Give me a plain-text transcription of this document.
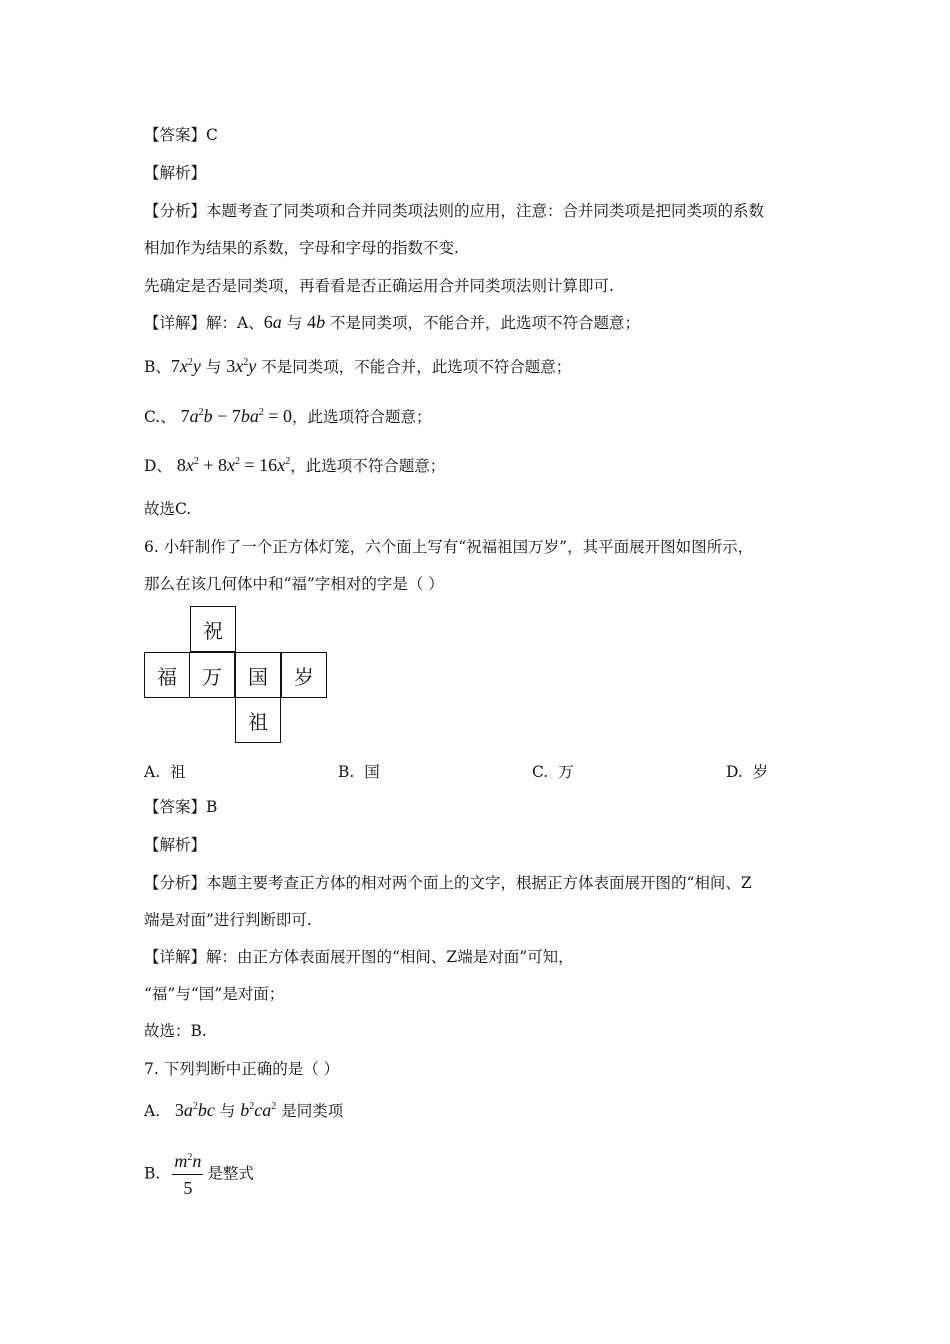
【答案】C
【解析】
【分析】本题考查了同类项和合并同类项法则的应用，注意：合并同类项是把同类项的系数
相加作为结果的系数，字母和字母的指数不变.
先确定是否是同类项，再看看是否正确运用合并同类项法则计算即可.
【详解】解：A、6a 与 4b 不是同类项，不能合并，此选项不符合题意；
B、$7x^2y$ 与 $3x^2y$ 不是同类项，不能合并，此选项不符合题意；
C.、 $7a^2b - 7ba^2 = 0$，此选项符合题意；
D、 $8x^2 + 8x^2 = 16x^2$，此选项不符合题意；
故选C.
6. 小轩制作了一个正方体灯笼，六个面上写有“祝福祖国万岁”，其平面展开图如图所示，
那么在该几何体中和“福”字相对的字是（ ）
祝
福	万	国	岁
祖
A. 祖	B. 国	C. 万	D. 岁
【答案】B
【解析】
【分析】本题主要考查正方体的相对两个面上的文字，根据正方体表面展开图的“相间、Z
端是对面”进行判断即可.
【详解】解：由正方体表面展开图的“相间、Z端是对面”可知，
“福”与“国”是对面；
故选：B.
7. 下列判断中正确的是（ ）
A. $3a^2bc$ 与 $b^2ca^2$ 是同类项
B. $\frac{m^2n}{5}$ 是整式
